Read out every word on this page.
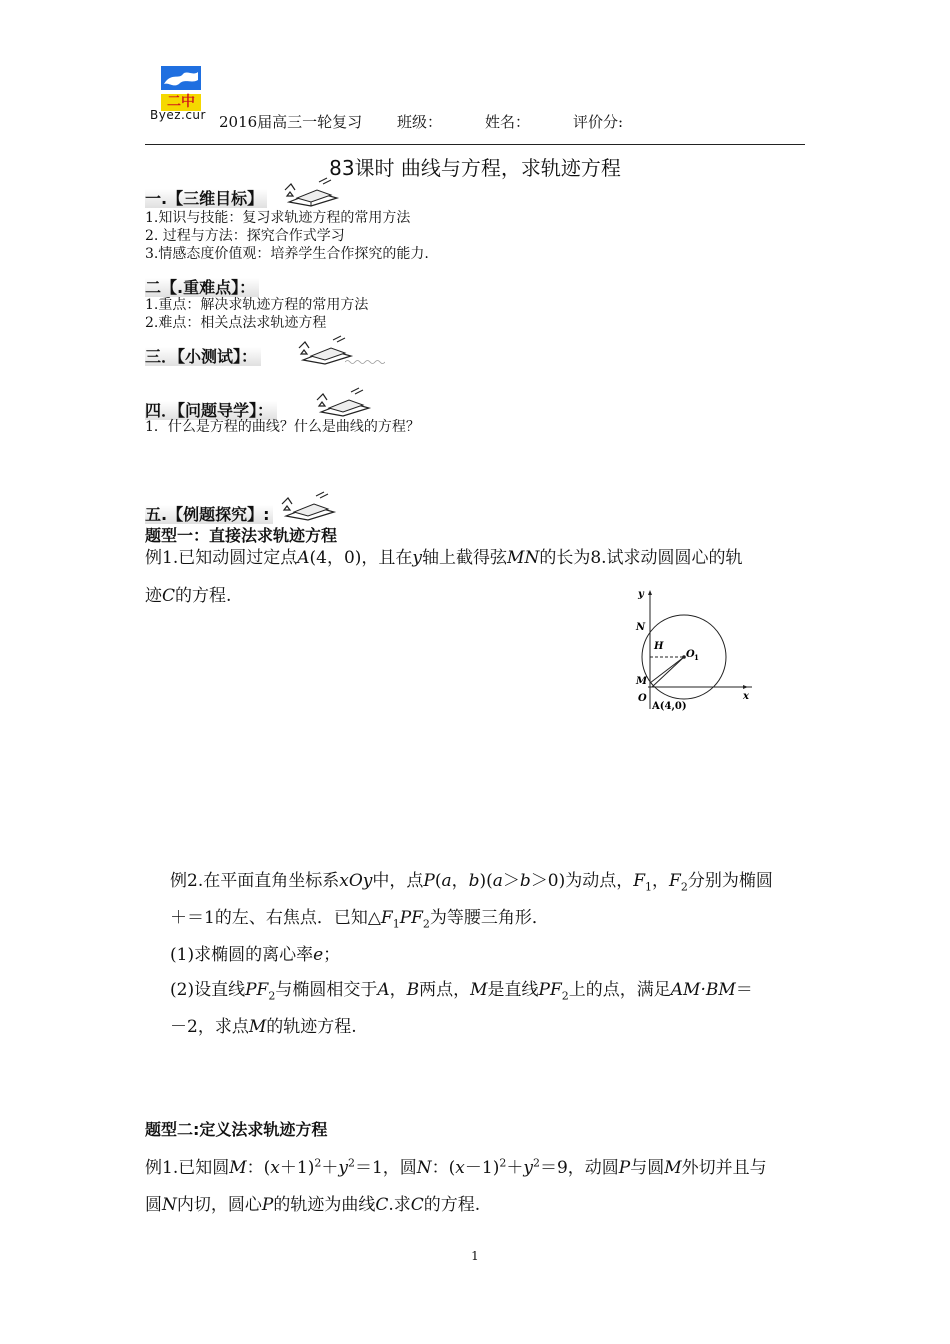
二中
Byez.cur 2016届高三一轮复习 班级：	姓名：	评价分:
83课时 曲线与方程，求轨迹方程
一.【三维目标】
1.知识与技能：复习求轨迹方程的常用方法
2. 过程与方法：探究合作式学习
3.情感态度价值观：培养学生合作探究的能力.
二【.重难点】：
1.重点：解决求轨迹方程的常用方法
2.难点：相关点法求轨迹方程
三．【小测试】：
四．【问题导学】：
1．什么是方程的曲线？什么是曲线的方程？
五.【例题探究】:
题型一：直接法求轨迹方程
例1.已知动圆过定点A(4，0)，且在y轴上截得弦MN的长为8.试求动圆圆心的轨
迹C的方程.	y
x
N
M
H
O 1
O
A(4,0)
例2.在平面直角坐标系xOy中，点P(a，b)(a＞b＞0)为动点，$F_1$，$F_2$分别为椭圆
＋＝1的左、右焦点．已知$\triangle F_1PF_2$为等腰三角形．
(1)求椭圆的离心率e；
(2)设直线$PF_2$与椭圆相交于A，B两点，M是直线$PF_2$上的点，满足AM·BM＝
－2，求点M的轨迹方程.
题型二:定义法求轨迹方程
例1.已知圆M：$(x+1)^2+y^2=1$，圆N：$(x-1)^2+y^2=9$，动圆P与圆M外切并且与
圆N内切，圆心P的轨迹为曲线C.求C的方程.
1
